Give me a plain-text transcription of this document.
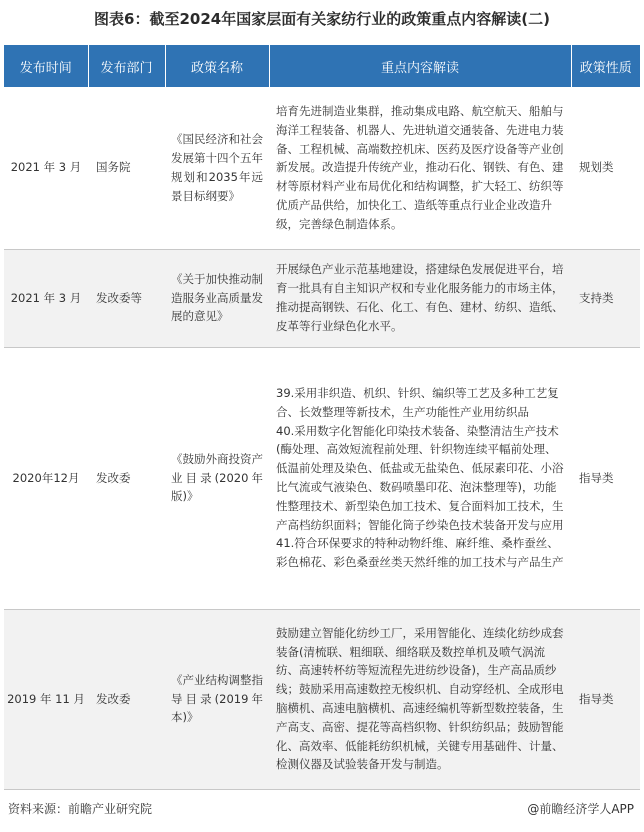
图表6：截至2024年国家层面有关家纺行业的政策重点内容解读(二)
发布时间	发布部门	政策名称	重点内容解读	政策性质
2021 年 3 月	国务院	《国民经济和社会发展第十四个五年规划和2035年远景目标纲要》	培育先进制造业集群，推动集成电路、航空航天、船舶与海洋工程装备、机器人、先进轨道交通装备、先进电力装备、工程机械、高端数控机床、医药及医疗设备等产业创新发展。改造提升传统产业，推动石化、钢铁、有色、建材等原材料产业布局优化和结构调整，扩大轻工、纺织等优质产品供给，加快化工、造纸等重点行业企业改造升级，完善绿色制造体系。	规划类
2021 年 3 月	发改委等	《关于加快推动制造服务业高质量发展的意见》	开展绿色产业示范基地建设，搭建绿色发展促进平台，培育一批具有自主知识产权和专业化服务能力的市场主体，推动提高钢铁、石化、化工、有色、建材、纺织、造纸、皮革等行业绿色化水平。	支持类
2020年12月	发改委	《鼓励外商投资产业目录(2020年版)》	39.采用非织造、机织、针织、编织等工艺及多种工艺复合、长效整理等新技术，生产功能性产业用纺织品
40.采用数字化智能化印染技术装备、染整清洁生产技术(酶处理、高效短流程前处理、针织物连续平幅前处理、低温前处理及染色、低盐或无盐染色、低尿素印花、小浴比气流或气液染色、数码喷墨印花、泡沫整理等)，功能性整理技术、新型染色加工技术、复合面料加工技术，生产高档纺织面料；智能化筒子纱染色技术装备开发与应用
41.符合环保要求的特种动物纤维、麻纤维、桑柞蚕丝、彩色棉花、彩色桑蚕丝类天然纤维的加工技术与产品生产	指导类
2019 年 11 月	发改委	《产业结构调整指导目录(2019年本)》	鼓励建立智能化纺纱工厂，采用智能化、连续化纺纱成套装备(清梳联、粗细联、细络联及数控单机及喷气涡流纺、高速转杯纺等短流程先进纺纱设备)，生产高品质纱线；鼓励采用高速数控无梭织机、自动穿经机、全成形电脑横机、高速电脑横机、高速经编机等新型数控装备，生产高支、高密、提花等高档织物、针织纺织品；鼓励智能化、高效率、低能耗纺织机械，关键专用基础件、计量、检测仪器及试验装备开发与制造。	指导类
资料来源：前瞻产业研究院	@前瞻经济学人APP
